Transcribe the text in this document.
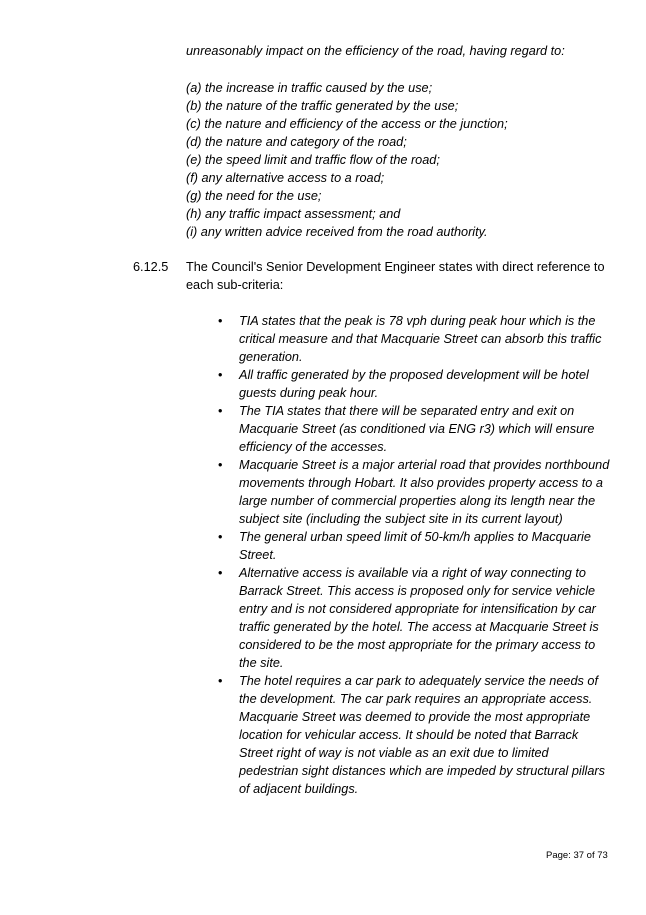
unreasonably impact on the efficiency of the road, having regard to:

(a) the increase in traffic caused by the use;
(b) the nature of the traffic generated by the use;
(c) the nature and efficiency of the access or the junction;
(d) the nature and category of the road;
(e) the speed limit and traffic flow of the road;
(f) any alternative access to a road;
(g) the need for the use;
(h) any traffic impact assessment; and
(i) any written advice received from the road authority.

6.12.5 The Council's Senior Development Engineer states with direct reference to each sub-criteria:

• TIA states that the peak is 78 vph during peak hour which is the critical measure and that Macquarie Street can absorb this traffic generation.
• All traffic generated by the proposed development will be hotel guests during peak hour.
• The TIA states that there will be separated entry and exit on Macquarie Street (as conditioned via ENG r3) which will ensure efficiency of the accesses.
• Macquarie Street is a major arterial road that provides northbound movements through Hobart. It also provides property access to a large number of commercial properties along its length near the subject site (including the subject site in its current layout)
• The general urban speed limit of 50-km/h applies to Macquarie Street.
• Alternative access is available via a right of way connecting to Barrack Street. This access is proposed only for service vehicle entry and is not considered appropriate for intensification by car traffic generated by the hotel. The access at Macquarie Street is considered to be the most appropriate for the primary access to the site.
• The hotel requires a car park to adequately service the needs of the development. The car park requires an appropriate access. Macquarie Street was deemed to provide the most appropriate location for vehicular access. It should be noted that Barrack Street right of way is not viable as an exit due to limited pedestrian sight distances which are impeded by structural pillars of adjacent buildings.

Page: 37 of 73
